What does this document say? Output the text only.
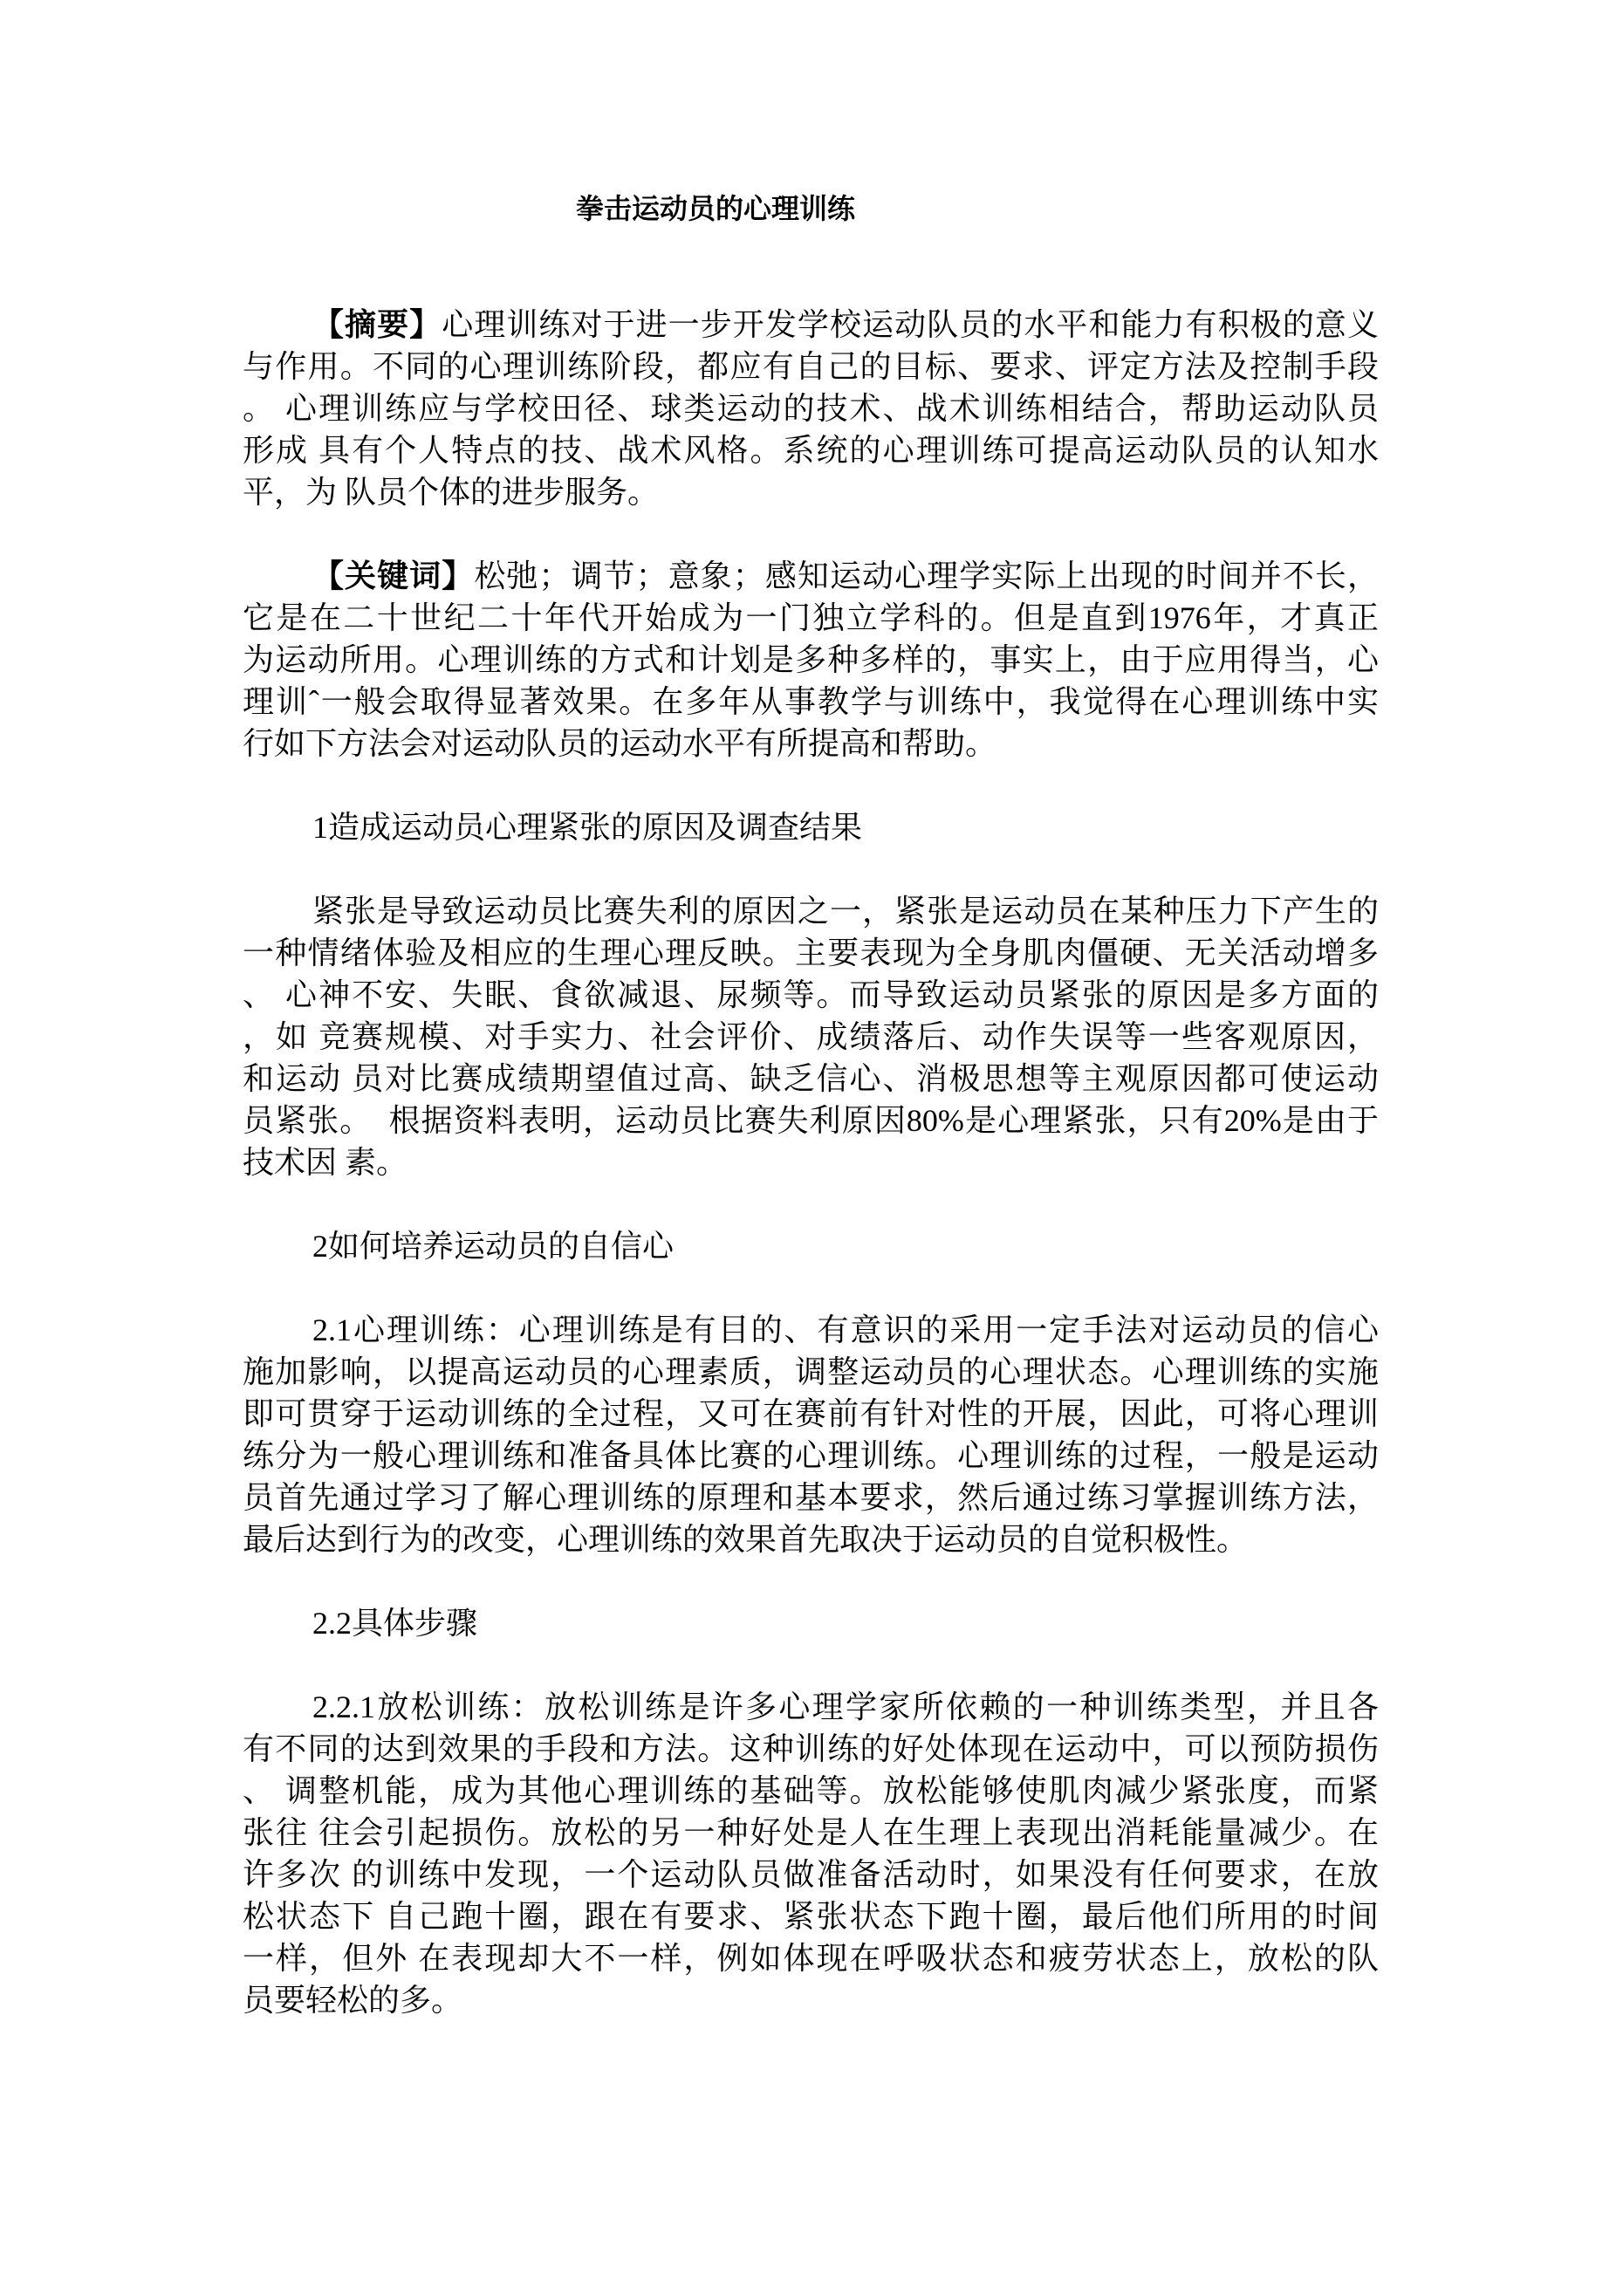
拳击运动员的心理训练
【摘要】心理训练对于进一步开发学校运动队员的水平和能力有积极的意义
与作用。不同的心理训练阶段，都应有自己的目标、要求、评定方法及控制手段
。 心理训练应与学校田径、球类运动的技术、战术训练相结合，帮助运动队员
形成 具有个人特点的技、战术风格。系统的心理训练可提高运动队员的认知水
平，为 队员个体的进步服务。
【关键词】松弛；调节；意象；感知运动心理学实际上出现的时间并不长，
它是在二十世纪二十年代开始成为一门独立学科的。但是直到1976年，才真正
为运动所用。心理训练的方式和计划是多种多样的，事实上，由于应用得当，心
理训ˆ一般会取得显著效果。在多年从事教学与训练中，我觉得在心理训练中实
行如下方法会对运动队员的运动水平有所提高和帮助。
1造成运动员心理紧张的原因及调查结果
紧张是导致运动员比赛失利的原因之一，紧张是运动员在某种压力下产生的
一种情绪体验及相应的生理心理反映。主要表现为全身肌肉僵硬、无关活动增多
、 心神不安、失眠、食欲减退、尿频等。而导致运动员紧张的原因是多方面的
，如 竞赛规模、对手实力、社会评价、成绩落后、动作失误等一些客观原因，
和运动 员对比赛成绩期望值过高、缺乏信心、消极思想等主观原因都可使运动
员紧张。　根据资料表明，运动员比赛失利原因80%是心理紧张，只有20%是由于
技术因 素。
2如何培养运动员的自信心
2.1心理训练：心理训练是有目的、有意识的采用一定手法对运动员的信心
施加影响，以提高运动员的心理素质，调整运动员的心理状态。心理训练的实施
即可贯穿于运动训练的全过程，又可在赛前有针对性的开展，因此，可将心理训
练分为一般心理训练和准备具体比赛的心理训练。心理训练的过程，一般是运动
员首先通过学习了解心理训练的原理和基本要求，然后通过练习掌握训练方法，
最后达到行为的改变，心理训练的效果首先取决于运动员的自觉积极性。
2.2具体步骤
2.2.1放松训练：放松训练是许多心理学家所依赖的一种训练类型，并且各
有不同的达到效果的手段和方法。这种训练的好处体现在运动中，可以预防损伤
、 调整机能，成为其他心理训练的基础等。放松能够使肌肉减少紧张度，而紧
张往 往会引起损伤。放松的另一种好处是人在生理上表现出消耗能量减少。在
许多次 的训练中发现，一个运动队员做准备活动时，如果没有任何要求，在放
松状态下 自己跑十圈，跟在有要求、紧张状态下跑十圈，最后他们所用的时间
一样，但外 在表现却大不一样，例如体现在呼吸状态和疲劳状态上，放松的队
员要轻松的多。
